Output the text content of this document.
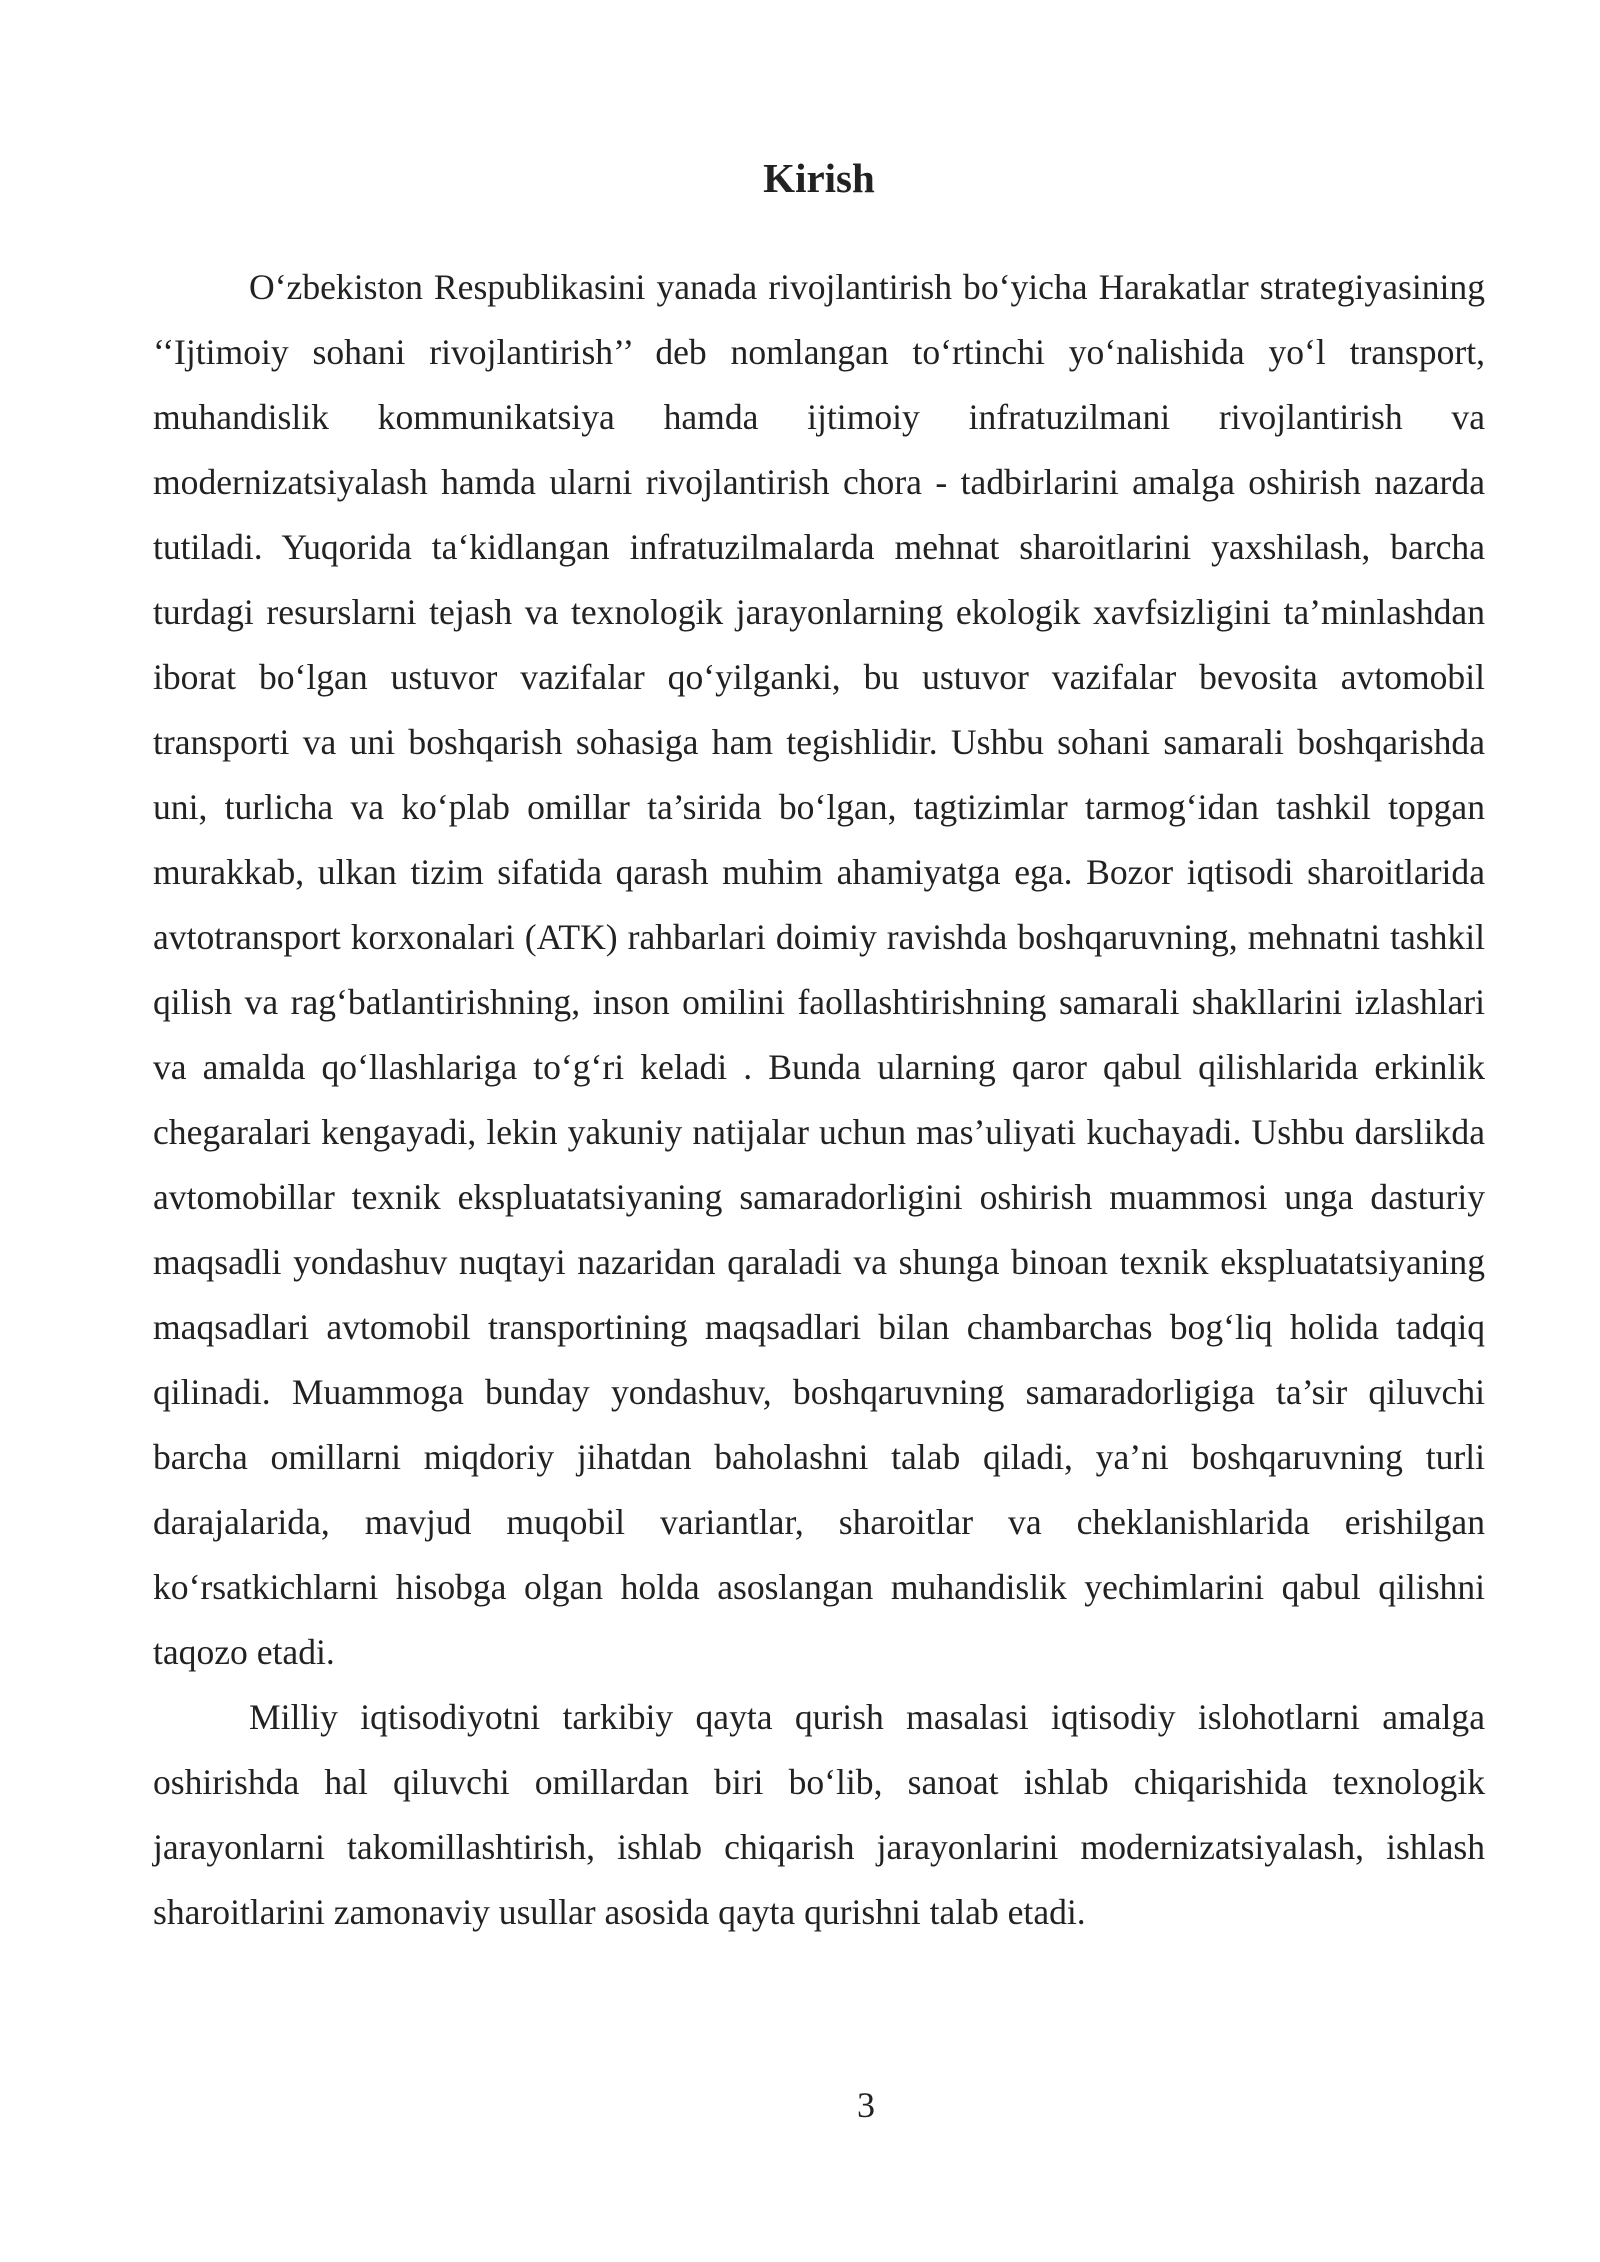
Kirish

O‘zbekiston Respublikasini yanada rivojlantirish bo‘yicha Harakatlar strategiyasining ‘‘Ijtimoiy sohani rivojlantirish’’ deb nomlangan to‘rtinchi yo‘nalishida yo‘l transport, muhandislik kommunikatsiya hamda ijtimoiy infratuzilmani rivojlantirish va modernizatsiyalash hamda ularni rivojlantirish chora - tadbirlarini amalga oshirish nazarda tutiladi. Yuqorida ta‘kidlangan infratuzilmalarda mehnat sharoitlarini yaxshilash, barcha turdagi resurslarni tejash va texnologik jarayonlarning ekologik xavfsizligini ta’minlashdan iborat bo‘lgan ustuvor vazifalar qo‘yilganki, bu ustuvor vazifalar bevosita avtomobil transporti va uni boshqarish sohasiga ham tegishlidir. Ushbu sohani samarali boshqarishda uni, turlicha va ko‘plab omillar ta’sirida bo‘lgan, tagtizimlar tarmog‘idan tashkil topgan murakkab, ulkan tizim sifatida qarash muhim ahamiyatga ega. Bozor iqtisodi sharoitlarida avtotransport korxonalari (ATK) rahbarlari doimiy ravishda boshqaruvning, mehnatni tashkil qilish va rag‘batlantirishning, inson omilini faollashtirishning samarali shakllarini izlashlari va amalda qo‘llashlariga to‘g‘ri keladi . Bunda ularning qaror qabul qilishlarida erkinlik chegaralari kengayadi, lekin yakuniy natijalar uchun mas’uliyati kuchayadi. Ushbu darslikda avtomobillar texnik ekspluatatsiyaning samaradorligini oshirish muammosi unga dasturiy maqsadli yondashuv nuqtayi nazaridan qaraladi va shunga binoan texnik ekspluatatsiyaning maqsadlari avtomobil transportining maqsadlari bilan chambarchas bog‘liq holida tadqiq qilinadi. Muammoga bunday yondashuv, boshqaruvning samaradorligiga ta’sir qiluvchi barcha omillarni miqdoriy jihatdan baholashni talab qiladi, ya’ni boshqaruvning turli darajalarida, mavjud muqobil variantlar, sharoitlar va cheklanishlarida erishilgan ko‘rsatkichlarni hisobga olgan holda asoslangan muhandislik yechimlarini qabul qilishni taqozo etadi.

Milliy iqtisodiyotni tarkibiy qayta qurish masalasi iqtisodiy islohotlarni amalga oshirishda hal qiluvchi omillardan biri bo‘lib, sanoat ishlab chiqarishida texnologik jarayonlarni takomillashtirish, ishlab chiqarish jarayonlarini modernizatsiyalash, ishlash sharoitlarini zamonaviy usullar asosida qayta qurishni talab etadi.

3
